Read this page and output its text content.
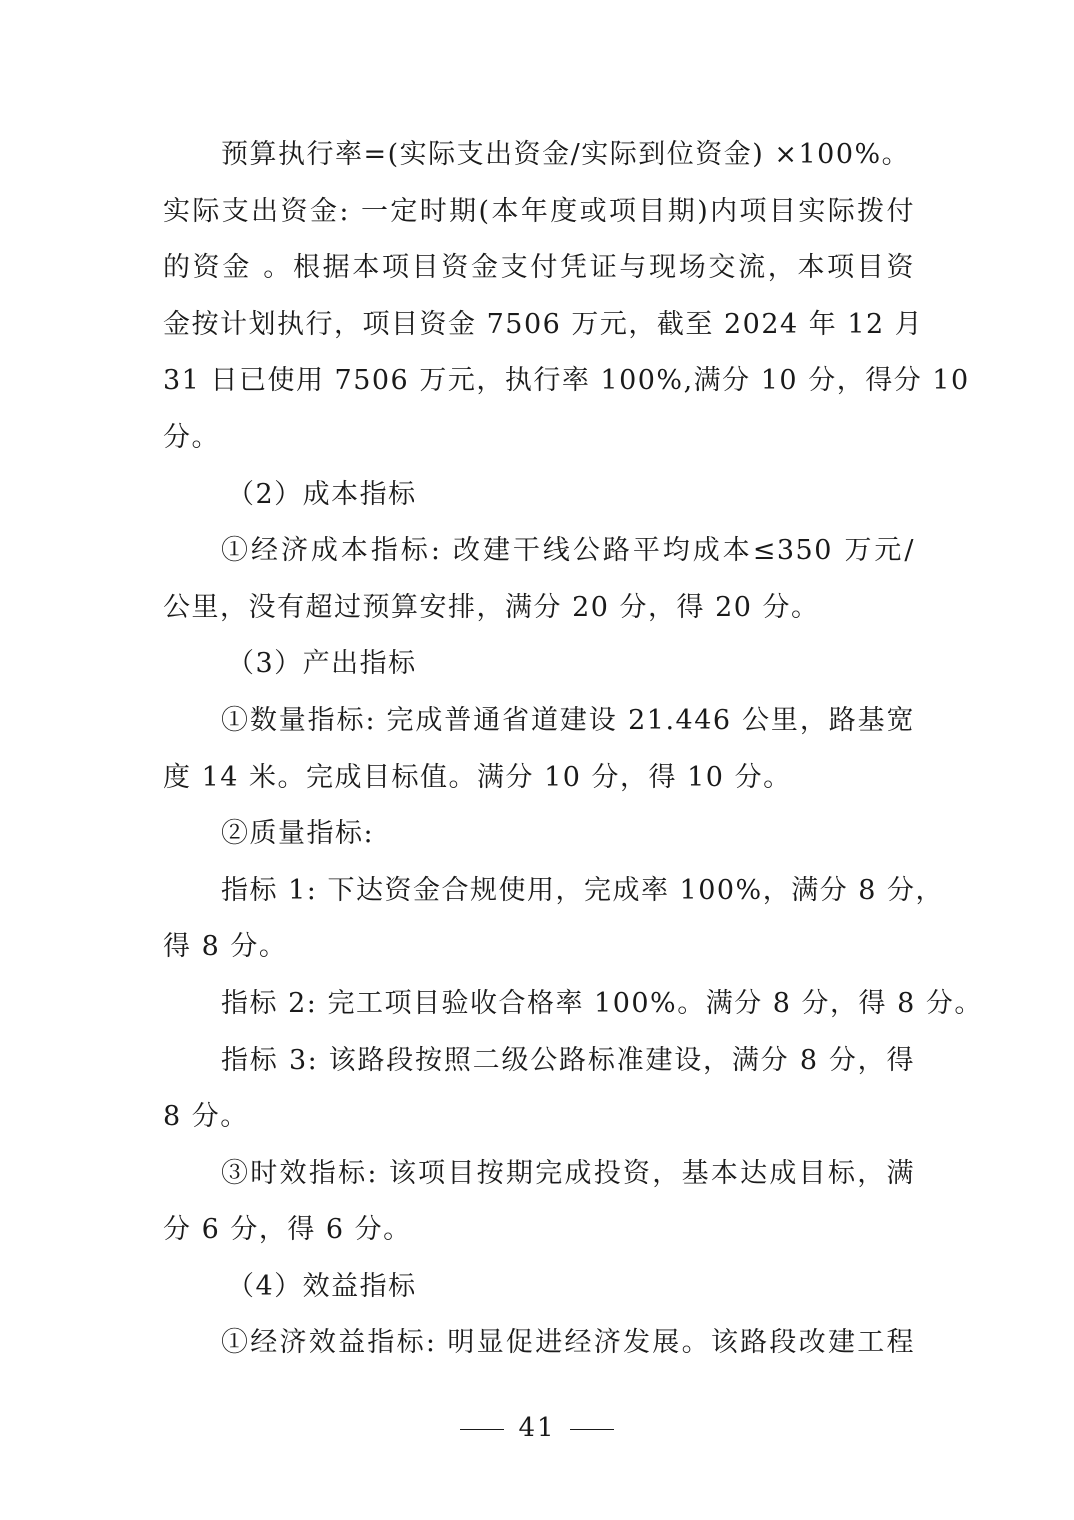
预算执行率=(实际支出资金/实际到位资金) ×100%。
实际支出资金: 一定时期(本年度或项目期)内项目实际拨付
的资金 。根据本项目资金支付凭证与现场交流，本项目资
金按计划执行，项目资金 7506 万元，截至 2024 年 12 月
31 日已使用 7506 万元，执行率 100%,满分 10 分，得分 10
分。
（2）成本指标
①经济成本指标: 改建干线公路平均成本≤350 万元/
公里，没有超过预算安排，满分 20 分，得 20 分。
（3）产出指标
①数量指标: 完成普通省道建设 21.446 公里，路基宽
度 14 米。完成目标值。满分 10 分，得 10 分。
②质量指标:
指标 1: 下达资金合规使用，完成率 100%，满分 8 分，
得 8 分。
指标 2: 完工项目验收合格率 100%。满分 8 分，得 8 分。
指标 3: 该路段按照二级公路标准建设，满分 8 分，得
8 分。
③时效指标: 该项目按期完成投资，基本达成目标，满
分 6 分，得 6 分。
（4）效益指标
①经济效益指标: 明显促进经济发展。该路段改建工程
41
